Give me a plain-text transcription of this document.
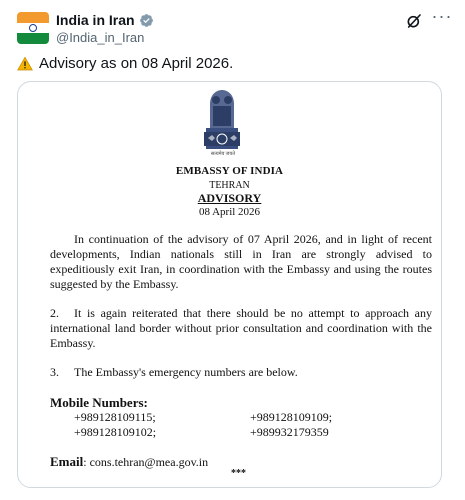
India in Iran
@India_in_Iran
···
Advisory as on 08 April 2026.
सत्यमेव जयते
EMBASSY OF INDIA
TEHRAN
ADVISORY
08 April 2026
In continuation of the advisory of 07 April 2026, and in light of recent developments, Indian nationals still in Iran are strongly advised to expeditiously exit Iran, in coordination with the Embassy and using the routes suggested by the Embassy.
2. It is again reiterated that there should be no attempt to approach any international land border without prior consultation and coordination with the Embassy.
3. The Embassy's emergency numbers are below.
Mobile Numbers:
+989128109115;	+989128109109;
+989128109102;	+989932179359
Email: cons.tehran@mea.gov.in
***
